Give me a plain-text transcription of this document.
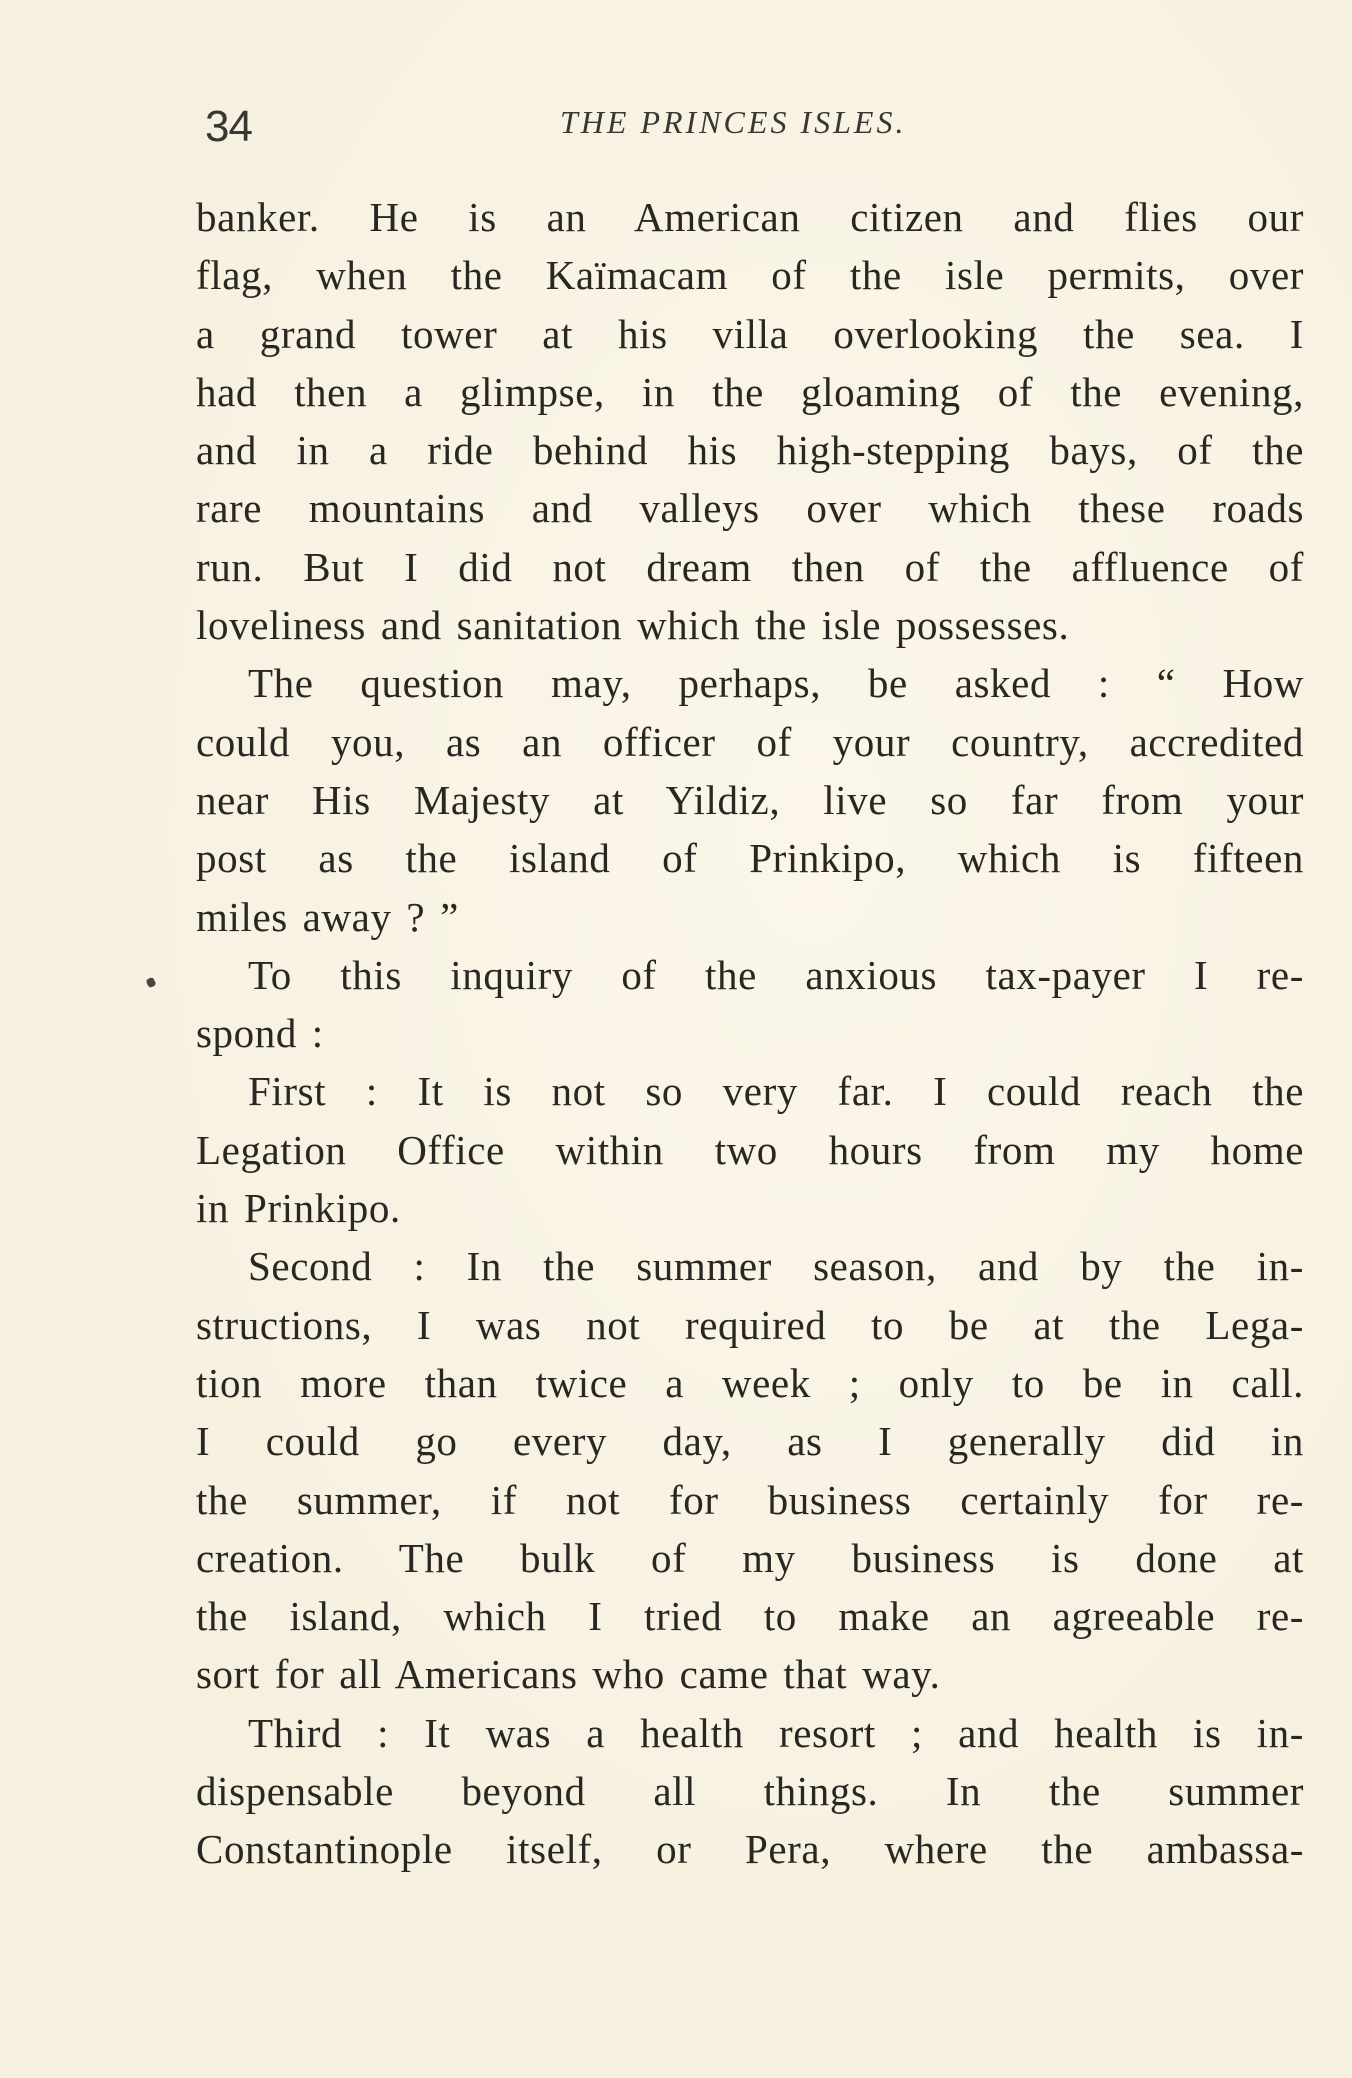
34	THE PRINCES ISLES.
banker. He is an American citizen and flies our
flag, when the Kaïmacam of the isle permits, over
a grand tower at his villa overlooking the sea. I
had then a glimpse, in the gloaming of the evening,
and in a ride behind his high-stepping bays, of the
rare mountains and valleys over which these roads
run. But I did not dream then of the affluence of
loveliness and sanitation which the isle possesses.
The question may, perhaps, be asked : “ How
could you, as an officer of your country, accredited
near His Majesty at Yildiz, live so far from your
post as the island of Prinkipo, which is fifteen
miles away ? ”
To this inquiry of the anxious tax-payer I re-
spond :
First : It is not so very far. I could reach the
Legation Office within two hours from my home
in Prinkipo.
Second : In the summer season, and by the in-
structions, I was not required to be at the Lega-
tion more than twice a week ; only to be in call.
I could go every day, as I generally did in
the summer, if not for business certainly for re-
creation. The bulk of my business is done at
the island, which I tried to make an agreeable re-
sort for all Americans who came that way.
Third : It was a health resort ; and health is in-
dispensable beyond all things. In the summer
Constantinople itself, or Pera, where the ambassa-
